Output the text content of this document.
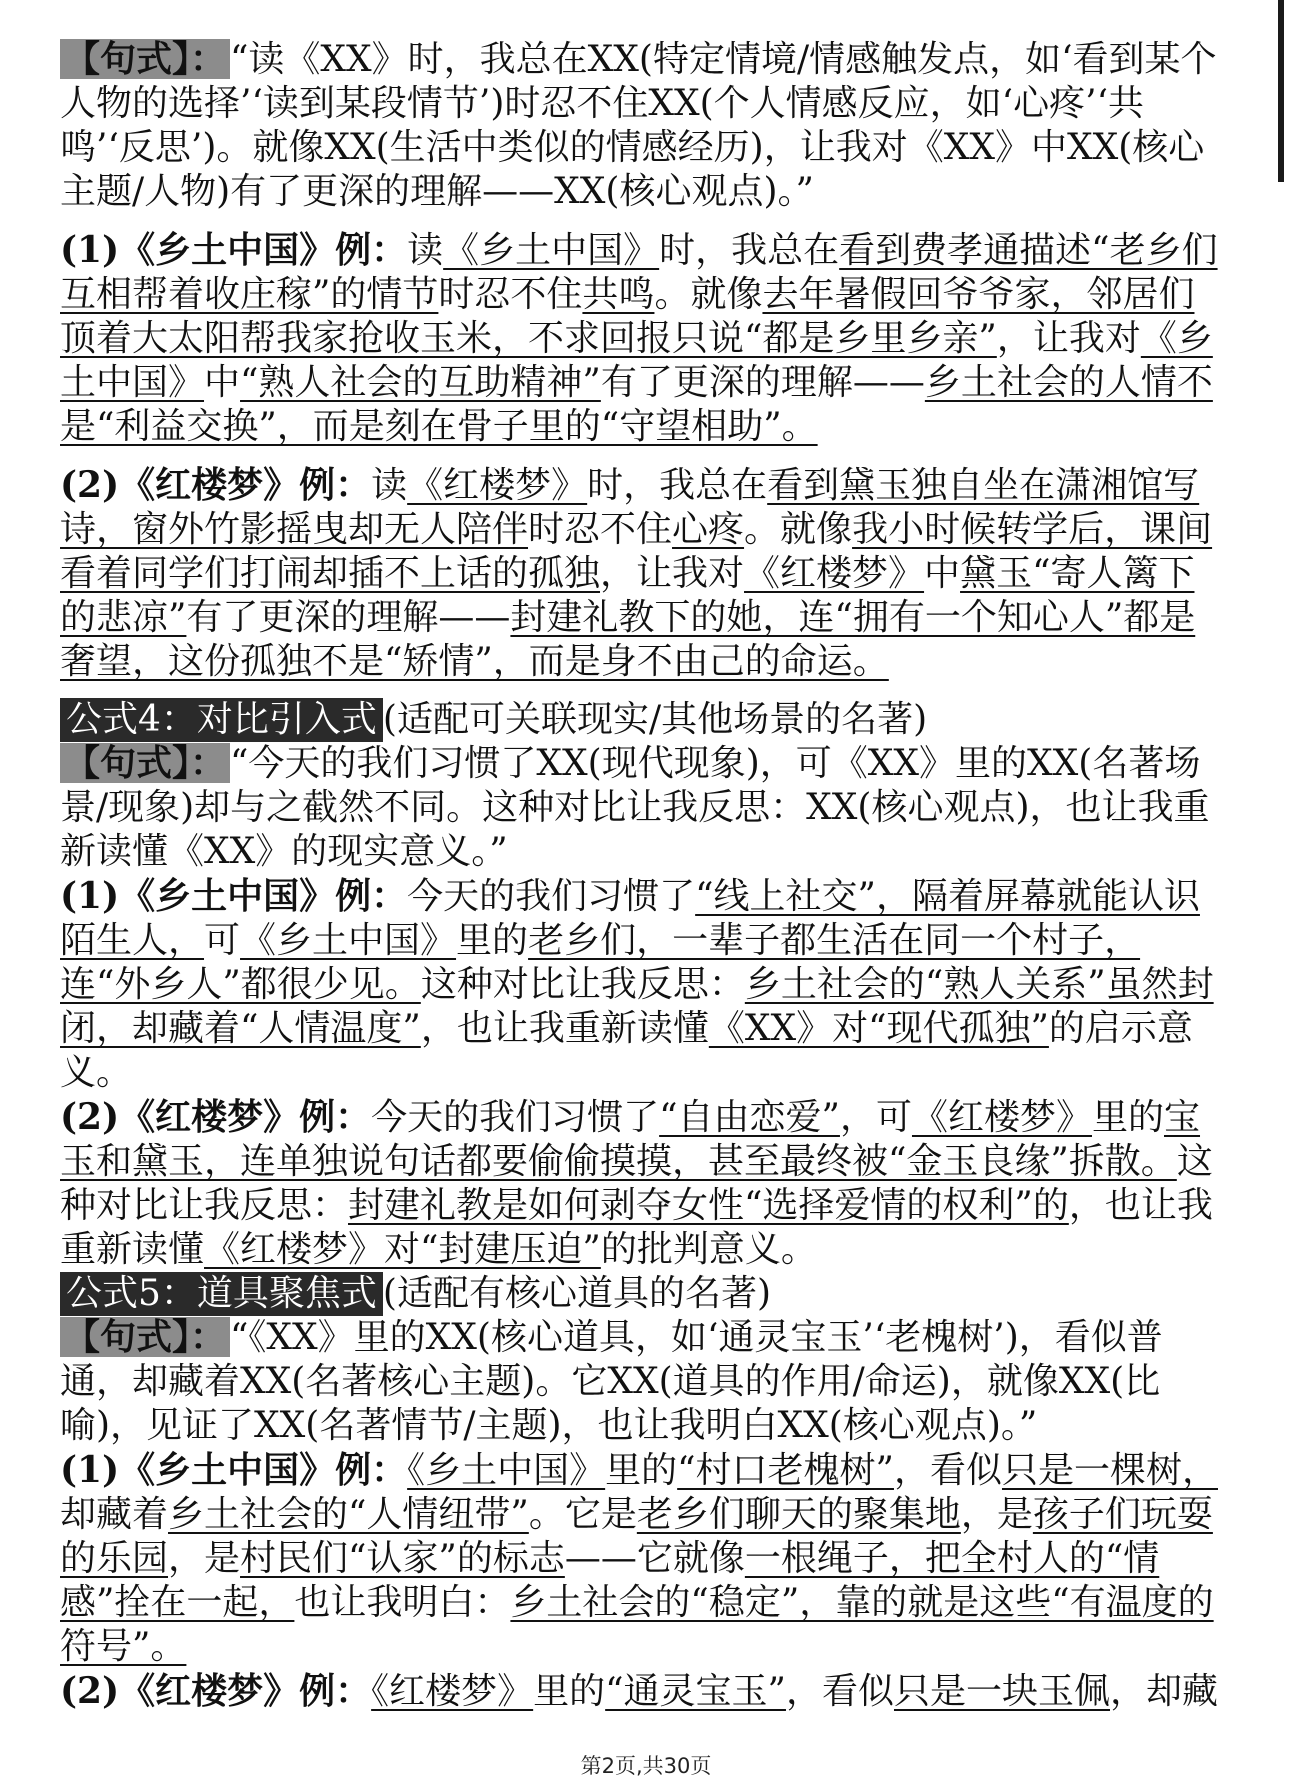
【句式】： “读《XX》时，我总在XX(特定情境/情感触发点，如‘看到某个人物的选择’‘读到某段情节’)时忍不住XX(个人情感反应，如‘心疼’‘共鸣’‘反思’)。就像XX(生活中类似的情感经历)，让我对《XX》中XX(核心主题/人物)有了更深的理解——XX(核心观点)。”

(1)《乡土中国》例：读《乡土中国》时，我总在看到费孝通描述“老乡们互相帮着收庄稼”的情节时忍不住共鸣。就像去年暑假回爷爷家，邻居们顶着大太阳帮我家抢收玉米，不求回报只说“都是乡里乡亲”，让我对《乡土中国》中“熟人社会的互助精神”有了更深的理解——乡土社会的人情不是“利益交换”，而是刻在骨子里的“守望相助”。

(2)《红楼梦》例：读《红楼梦》时，我总在看到黛玉独自坐在潇湘馆写诗，窗外竹影摇曳却无人陪伴时忍不住心疼。就像我小时候转学后，课间看着同学们打闹却插不上话的孤独，让我对《红楼梦》中黛玉“寄人篱下的悲凉”有了更深的理解——封建礼教下的她，连“拥有一个知心人”都是奢望，这份孤独不是“矫情”，而是身不由己的命运。

公式4：对比引入式 (适配可关联现实/其他场景的名著)

【句式】： “今天的我们习惯了XX(现代现象)，可《XX》里的XX(名著场景/现象)却与之截然不同。这种对比让我反思：XX(核心观点)，也让我重新读懂《XX》的现实意义。”

(1)《乡土中国》例：今天的我们习惯了“线上社交”，隔着屏幕就能认识陌生人，可《乡土中国》里的老乡们，一辈子都生活在同一个村子，连“外乡人”都很少见。这种对比让我反思：乡土社会的“熟人关系”虽然封闭，却藏着“人情温度”，也让我重新读懂《XX》对“现代孤独”的启示意义。

(2)《红楼梦》例：今天的我们习惯了“自由恋爱”，可《红楼梦》里的宝玉和黛玉，连单独说句话都要偷偷摸摸，甚至最终被“金玉良缘”拆散。这种对比让我反思：封建礼教是如何剥夺女性“选择爱情的权利”的，也让我重新读懂《红楼梦》对“封建压迫”的批判意义。

公式5：道具聚焦式 (适配有核心道具的名著)

【句式】： “《XX》里的XX(核心道具，如‘通灵宝玉’‘老槐树’)，看似普通，却藏着XX(名著核心主题)。它XX(道具的作用/命运)，就像XX(比喻)，见证了XX(名著情节/主题)，也让我明白XX(核心观点)。”

(1)《乡土中国》例：《乡土中国》里的“村口老槐树”，看似只是一棵树，却藏着乡土社会的“人情纽带”。它是老乡们聊天的聚集地，是孩子们玩耍的乐园，是村民们“认家”的标志——它就像一根绳子，把全村人的“情感”拴在一起，也让我明白：乡土社会的“稳定”，靠的就是这些“有温度的符号”。

(2)《红楼梦》例：《红楼梦》里的“通灵宝玉”，看似只是一块玉佩，却藏

第2页,共30页
